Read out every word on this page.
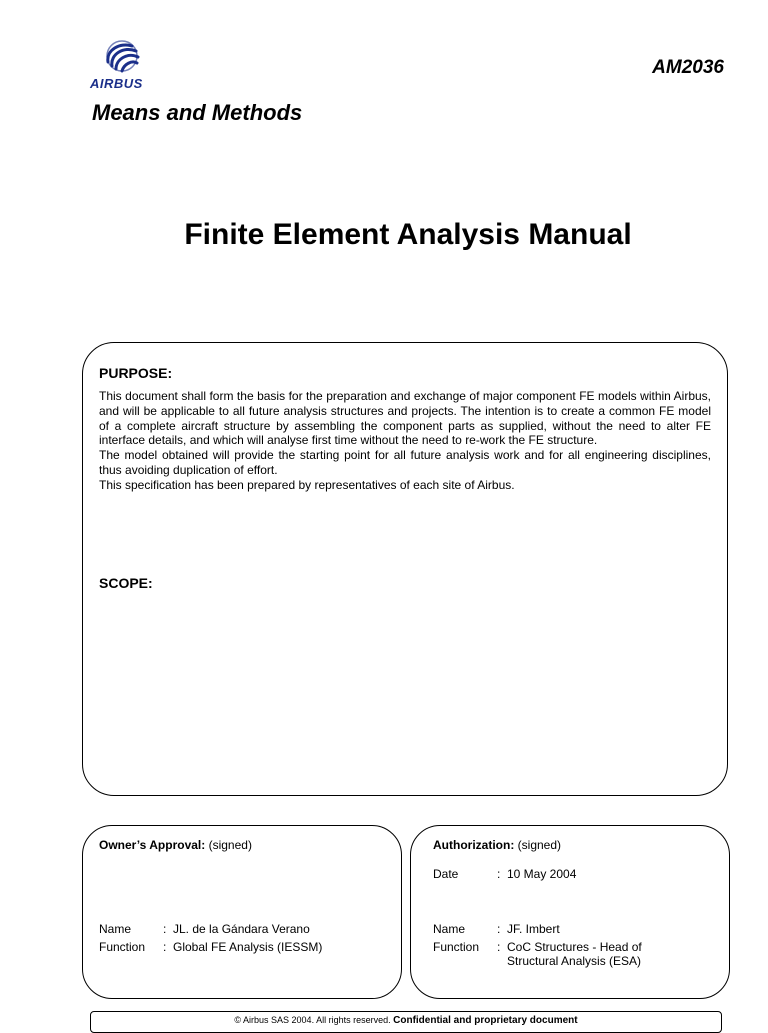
AIRBUS
AM2036
Means and Methods
Finite Element Analysis Manual
PURPOSE:

This document shall form the basis for the preparation and exchange of major component FE models within Airbus, and will be applicable to all future analysis structures and projects. The intention is to create a common FE model of a complete aircraft structure by assembling the component parts as supplied, without the need to alter FE interface details, and which will analyse first time without the need to re-work the FE structure.

The model obtained will provide the starting point for all future analysis work and for all engineering disciplines, thus avoiding duplication of effort.

This specification has been prepared by representatives of each site of Airbus.

SCOPE:
Owner’s Approval: (signed)
Name	: JL. de la Gándara Verano
Function : Global FE Analysis (IESSM)
Authorization: (signed)
Date	: 10 May 2004
Name	: JF. Imbert
Function : CoC Structures - Head of
Structural Analysis (ESA)
© Airbus SAS 2004. All rights reserved. Confidential and proprietary document
